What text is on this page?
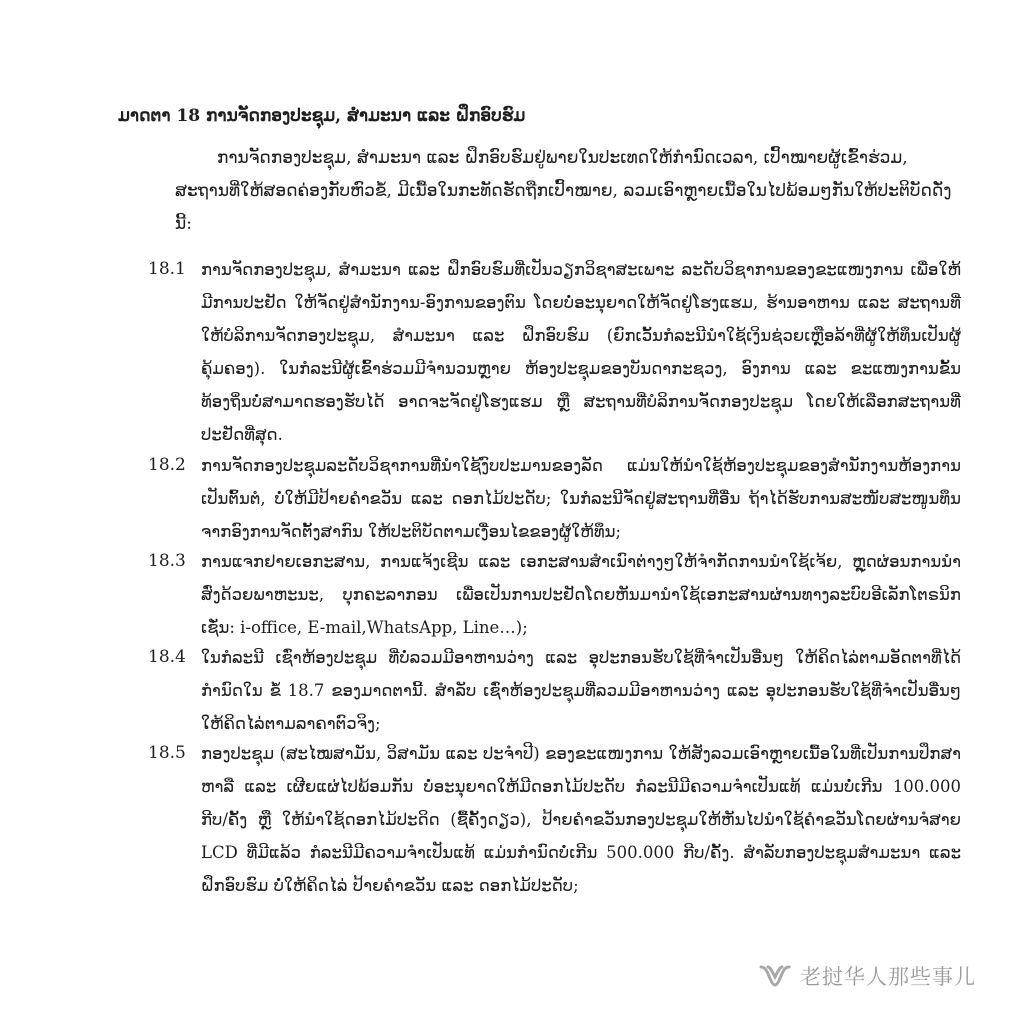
ມາດຕາ 18 ການຈັດກອງປະຊຸມ, ສຳມະນາ ແລະ ຝຶກອົບຮົມ
ການຈັດກອງປະຊຸມ, ສຳມະນາ ແລະ ຝຶກອົບຮົມຢູ່ພາຍໃນປະເທດໃຫ້ກຳນົດເວລາ, ເປົ້າໝາຍຜູ້ເຂົ້າຮ່ວມ, ສະຖານທີ່ໃຫ້ສອດຄ່ອງກັບຫົວຂໍ້, ມີເນື້ອໃນກະທັດຮັດຖືກເປົ້າໝາຍ, ລວມເອົາຫຼາຍເນື້ອໃນໄປພ້ອມໆກັນໃຫ້ປະຕິບັດດັ່ງນີ້:
18.1 ການຈັດກອງປະຊຸມ, ສຳມະນາ ແລະ ຝຶກອົບຮົມທີ່ເປັນວຽກວິຊາສະເພາະ ລະດັບວິຊາການຂອງຂະແໜງການ ເພື່ອໃຫ້ມີການປະຢັດ ໃຫ້ຈັດຢູ່ສຳນັກງານ-ອົງການຂອງຕົນ ໂດຍບໍ່ອະນຸຍາດໃຫ້ຈັດຢູ່ໂຮງແຮມ, ຮ້ານອາຫານ ແລະ ສະຖານທີ່ໃຫ້ບໍລິການຈັດກອງປະຊຸມ, ສຳມະນາ ແລະ ຝຶກອົບຮົມ (ຍົກເວັ້ນກໍລະນີນຳໃຊ້ເງິນຊ່ວຍເຫຼືອລ້າທີ່ຜູ້ໃຫ້ທຶນເປັນຜູ້ຄຸ້ມຄອງ). ໃນກໍລະນີຜູ້ເຂົ້າຮ່ວມມີຈຳນວນຫຼາຍ ຫ້ອງປະຊຸມຂອງບັນດາກະຊວງ, ອົງການ ແລະ ຂະແໜງການຂັ້ນທ້ອງຖິ່ນບໍ່ສາມາດຮອງຮັບໄດ້ ອາດຈະຈັດຢູ່ໂຮງແຮມ ຫຼື ສະຖານທີ່ບໍລິການຈັດກອງປະຊຸມ ໂດຍໃຫ້ເລືອກສະຖານທີ່ ປະຢັດທີ່ສຸດ.
18.2 ການຈັດກອງປະຊຸມລະດັບວິຊາການທີ່ນຳໃຊ້ງົບປະມານຂອງລັດ ແມ່ນໃຫ້ນຳໃຊ້ຫ້ອງປະຊຸມຂອງສຳນັກງານຫ້ອງການເປັນຕົ້ນຕໍ, ບໍ່ໃຫ້ມີປ້າຍຄຳຂວັນ ແລະ ດອກໄມ້ປະດັບ; ໃນກໍລະນີຈັດຢູ່ສະຖານທີ່ອື່ນ ຖ້າໄດ້ຮັບການສະໜັບສະໜູນທຶນຈາກອົງການຈັດຕັ້ງສາກົນ ໃຫ້ປະຕິບັດຕາມເງື່ອນໄຂຂອງຜູ້ໃຫ້ທຶນ;
18.3 ການແຈກຢາຍເອກະສານ, ການແຈ້ງເຊີນ ແລະ ເອກະສານສຳເນົາຕ່າງໆໃຫ້ຈຳກັດການນຳໃຊ້ເຈ້ຍ, ຫຼຸດຜ່ອນການນຳສົ່ງດ້ວຍພາຫະນະ, ບຸກຄະລາກອນ ເພື່ອເປັນການປະຢັດໂດຍຫັນມານຳໃຊ້ເອກະສານຜ່ານທາງລະບົບອີເລັກໂຕຣນິກເຊັ່ນ: i-office, E-mail,WhatsApp, Line…);
18.4 ໃນກໍລະນີ ເຊົ່າຫ້ອງປະຊຸມ ທີ່ບໍ່ລວມມີອາຫານວ່າງ ແລະ ອຸປະກອນຮັບໃຊ້ທີ່ຈຳເປັນອື່ນໆ ໃຫ້ຄິດໄລ່ຕາມອັດຕາທີ່ໄດ້ກຳນົດໃນ ຂໍ້ 18.7 ຂອງມາດຕານີ້. ສຳລັບ ເຊົ່າຫ້ອງປະຊຸມທີ່ລວມມີອາຫານວ່າງ ແລະ ອຸປະກອນຮັບໃຊ້ທີ່ຈຳເປັນອື່ນໆ ໃຫ້ຄິດໄລ່ຕາມລາຄາຕົວຈິງ;
18.5 ກອງປະຊຸມ (ສະໄໝສາມັນ, ວິສາມັນ ແລະ ປະຈຳປີ) ຂອງຂະແໜງການ ໃຫ້ສັງລວມເອົາຫຼາຍເນື້ອໃນທີ່ເປັນການປຶກສາຫາລື ແລະ ເຜີຍແຜ່ໄປພ້ອມກັນ ບໍ່ອະນຸຍາດໃຫ້ມີດອກໄມ້ປະດັບ ກໍລະນີມີຄວາມຈຳເປັນແທ້ ແມ່ນບໍ່ເກີນ 100.000 ກີບ/ຄັ້ງ ຫຼື ໃຫ້ນຳໃຊ້ດອກໄມ້ປະດິດ (ຊື້ຄັ້ງດຽວ), ປ້າຍຄຳຂວັນກອງປະຊຸມໃຫ້ຫັນໄປນຳໃຊ້ຄຳຂວັນໂດຍຜ່ານຈໍສາຍ LCD ທີ່ມີແລ້ວ ກໍລະນີມີຄວາມຈຳເປັນແທ້ ແມ່ນກຳນົດບໍ່ເກີນ 500.000 ກີບ/ຄັ້ງ. ສຳລັບກອງປະຊຸມສຳມະນາ ແລະ ຝຶກອົບຮົມ ບໍ່ໃຫ້ຄິດໄລ່ ປ້າຍຄຳຂວັນ ແລະ ດອກໄມ້ປະດັບ;
老挝华人那些事儿
